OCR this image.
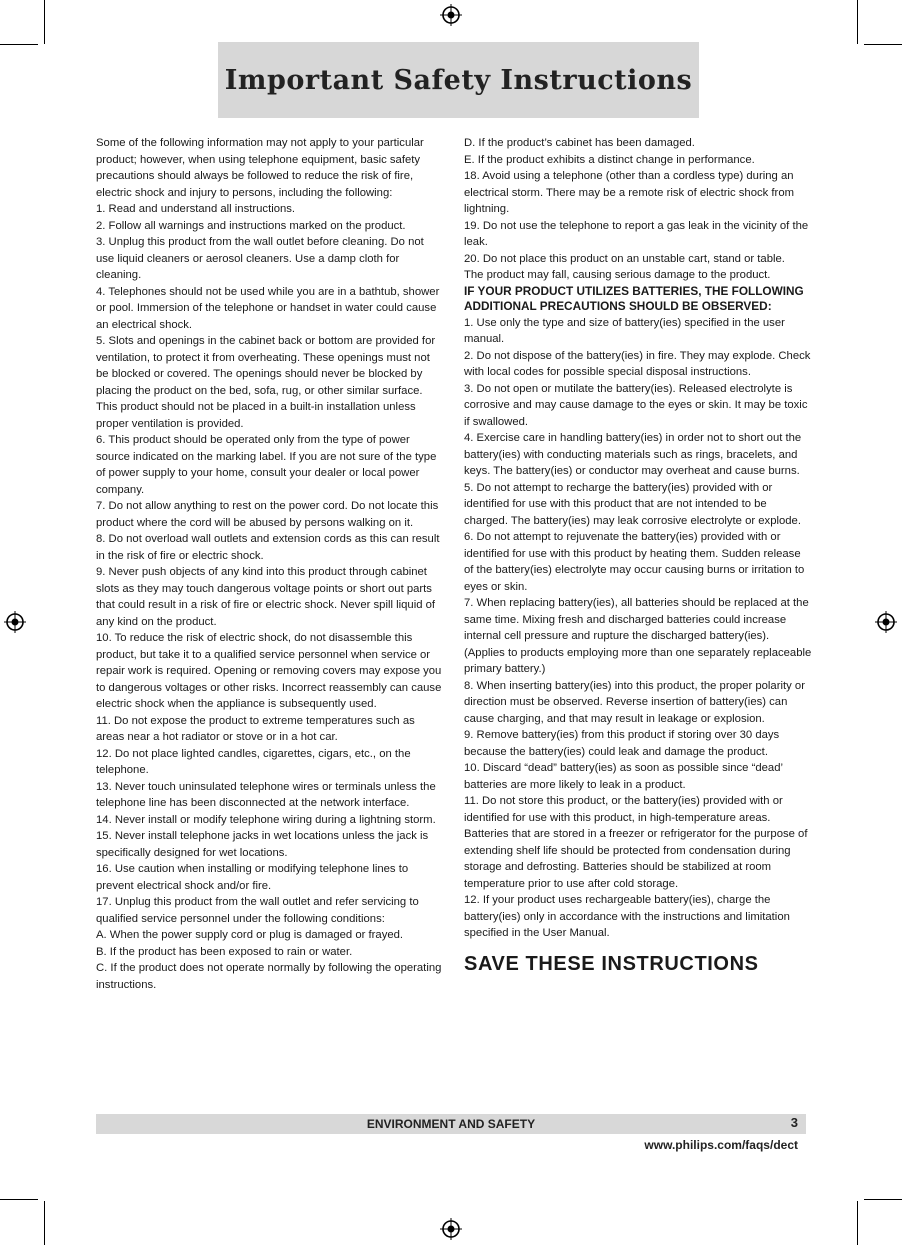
Important Safety Instructions

Some of the following information may not apply to your particular product; however, when using telephone equipment, basic safety precautions should always be followed to reduce the risk of fire, electric shock and injury to persons, including the following:

1. Read and understand all instructions.

2. Follow all warnings and instructions marked on the product.

3. Unplug this product from the wall outlet before cleaning. Do not use liquid cleaners or aerosol cleaners. Use a damp cloth for cleaning.

4. Telephones should not be used while you are in a bathtub, shower or pool. Immersion of the telephone or handset in water could cause an electrical shock.

5. Slots and openings in the cabinet back or bottom are provided for ventilation, to protect it from overheating. These openings must not be blocked or covered. The openings should never be blocked by placing the product on the bed, sofa, rug, or other similar surface. This product should not be placed in a built-in installation unless proper ventilation is provided.

6. This product should be operated only from the type of power source indicated on the marking label. If you are not sure of the type of power supply to your home, consult your dealer or local power company.

7. Do not allow anything to rest on the power cord. Do not locate this product where the cord will be abused by persons walking on it.

8. Do not overload wall outlets and extension cords as this can result in the risk of fire or electric shock.

9. Never push objects of any kind into this product through cabinet slots as they may touch dangerous voltage points or short out parts that could result in a risk of fire or electric shock. Never spill liquid of any kind on the product.

10. To reduce the risk of electric shock, do not disassemble this product, but take it to a qualified service personnel when service or repair work is required. Opening or removing covers may expose you to dangerous voltages or other risks. Incorrect reassembly can cause electric shock when the appliance is subsequently used.

11. Do not expose the product to extreme temperatures such as areas near a hot radiator or stove or in a hot car.

12. Do not place lighted candles, cigarettes, cigars, etc., on the telephone.

13. Never touch uninsulated telephone wires or terminals unless the telephone line has been disconnected at the network interface.

14. Never install or modify telephone wiring during a lightning storm.

15. Never install telephone jacks in wet locations unless the jack is specifically designed for wet locations.

16. Use caution when installing or modifying telephone lines to prevent electrical shock and/or fire.

17. Unplug this product from the wall outlet and refer servicing to qualified service personnel under the following conditions:

A. When the power supply cord or plug is damaged or frayed.

B. If the product has been exposed to rain or water.

C. If the product does not operate normally by following the operating instructions.

D. If the product’s cabinet has been damaged.

E. If the product exhibits a distinct change in performance.

18. Avoid using a telephone (other than a cordless type) during an electrical storm. There may be a remote risk of electric shock from lightning.

19. Do not use the telephone to report a gas leak in the vicinity of the leak.

20. Do not place this product on an unstable cart, stand or table.

The product may fall, causing serious damage to the product.

IF YOUR PRODUCT UTILIZES BATTERIES, THE FOLLOWING ADDITIONAL PRECAUTIONS SHOULD BE OBSERVED:

1. Use only the type and size of battery(ies) specified in the user manual.

2. Do not dispose of the battery(ies) in fire. They may explode. Check with local codes for possible special disposal instructions.

3. Do not open or mutilate the battery(ies). Released electrolyte is corrosive and may cause damage to the eyes or skin. It may be toxic if swallowed.

4. Exercise care in handling battery(ies) in order not to short out the battery(ies) with conducting materials such as rings, bracelets, and keys. The battery(ies) or conductor may overheat and cause burns.

5. Do not attempt to recharge the battery(ies) provided with or identified for use with this product that are not intended to be charged. The battery(ies) may leak corrosive electrolyte or explode.

6. Do not attempt to rejuvenate the battery(ies) provided with or identified for use with this product by heating them. Sudden release of the battery(ies) electrolyte may occur causing burns or irritation to eyes or skin.

7. When replacing battery(ies), all batteries should be replaced at the same time. Mixing fresh and discharged batteries could increase internal cell pressure and rupture the discharged battery(ies). (Applies to products employing more than one separately replaceable primary battery.)

8. When inserting battery(ies) into this product, the proper polarity or direction must be observed. Reverse insertion of battery(ies) can cause charging, and that may result in leakage or explosion.

9. Remove battery(ies) from this product if storing over 30 days because the battery(ies) could leak and damage the product.

10. Discard “dead” battery(ies) as soon as possible since “dead’ batteries are more likely to leak in a product.

11. Do not store this product, or the battery(ies) provided with or identified for use with this product, in high-temperature areas.

Batteries that are stored in a freezer or refrigerator for the purpose of extending shelf life should be protected from condensation during storage and defrosting. Batteries should be stabilized at room temperature prior to use after cold storage.

12. If your product uses rechargeable battery(ies), charge the battery(ies) only in accordance with the instructions and limitation specified in the User Manual.

SAVE THESE INSTRUCTIONS

ENVIRONMENT AND SAFETY	3
www.philips.com/faqs/dect
